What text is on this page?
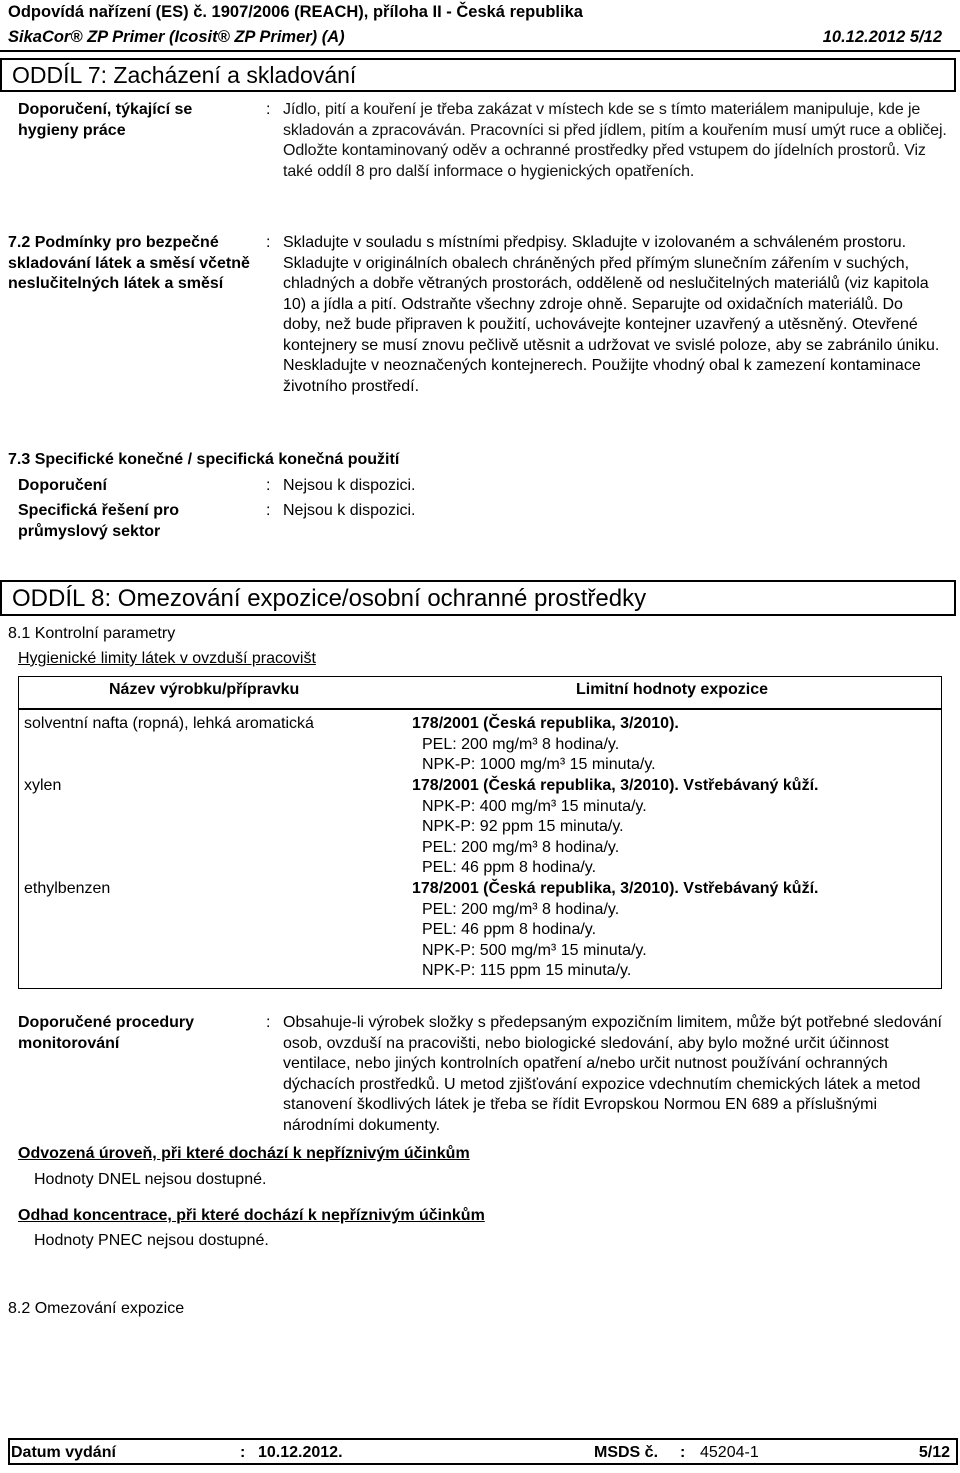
Odpovídá nařízení (ES) č. 1907/2006 (REACH), příloha II - Česká republika
SikaCor® ZP Primer (Icosit® ZP Primer) (A)	10.12.2012 5/12
ODDÍL 7: Zacházení a skladování
Doporučení, týkající se hygieny práce
: Jídlo, pití a kouření je třeba zakázat v místech kde se s tímto materiálem manipuluje, kde je skladován a zpracováván. Pracovníci si před jídlem, pitím a kouřením musí umýt ruce a obličej. Odložte kontaminovaný oděv a ochranné prostředky před vstupem do jídelních prostorů. Viz také oddíl 8 pro další informace o hygienických opatřeních.
7.2 Podmínky pro bezpečné skladování látek a směsí včetně neslučitelných látek a směsí
: Skladujte v souladu s místními předpisy. Skladujte v izolovaném a schváleném prostoru. Skladujte v originálních obalech chráněných před přímým slunečním zářením v suchých, chladných a dobře větraných prostorách, odděleně od neslučitelných materiálů (viz kapitola 10) a jídla a pití. Odstraňte všechny zdroje ohně. Separujte od oxidačních materiálů. Do doby, než bude připraven k použití, uchovávejte kontejner uzavřený a utěsněný. Otevřené kontejnery se musí znovu pečlivě utěsnit a udržovat ve svislé poloze, aby se zabránilo úniku. Neskladujte v neoznačených kontejnerech. Použijte vhodný obal k zamezení kontaminace životního prostředí.
7.3 Specifické konečné / specifická konečná použití
Doporučení	: Nejsou k dispozici.
Specifická řešení pro průmyslový sektor
: Nejsou k dispozici.
ODDÍL 8: Omezování expozice/osobní ochranné prostředky
8.1 Kontrolní parametry
Hygienické limity látek v ovzduší pracovišt
Název výrobku/přípravku	Limitní hodnoty expozice
solventní nafta (ropná), lehká aromatická	178/2001 (Česká republika, 3/2010).
PEL: 200 mg/m³ 8 hodina/y.
NPK-P: 1000 mg/m³ 15 minuta/y.
xylen	178/2001 (Česká republika, 3/2010). Vstřebávaný kůží.
NPK-P: 400 mg/m³ 15 minuta/y.
NPK-P: 92 ppm 15 minuta/y.
PEL: 200 mg/m³ 8 hodina/y.
PEL: 46 ppm 8 hodina/y.
ethylbenzen	178/2001 (Česká republika, 3/2010). Vstřebávaný kůží.
PEL: 200 mg/m³ 8 hodina/y.
PEL: 46 ppm 8 hodina/y.
NPK-P: 500 mg/m³ 15 minuta/y.
NPK-P: 115 ppm 15 minuta/y.
Doporučené procedury monitorování
: Obsahuje-li výrobek složky s předepsaným expozičním limitem, může být potřebné sledování osob, ovzduší na pracovišti, nebo biologické sledování, aby bylo možné určit účinnost ventilace, nebo jiných kontrolních opatření a/nebo určit nutnost používání ochranných dýchacích prostředků. U metod zjišťování expozice vdechnutím chemických látek a metod stanovení škodlivých látek je třeba se řídit Evropskou Normou EN 689 a příslušnými národními dokumenty.
Odvozená úroveň, při které dochází k nepříznivým účinkům
Hodnoty DNEL nejsou dostupné.
Odhad koncentrace, při které dochází k nepříznivým účinkům
Hodnoty PNEC nejsou dostupné.
8.2 Omezování expozice
Datum vydání	: 10.12.2012.	MSDS č. : 45204-1	5/12
